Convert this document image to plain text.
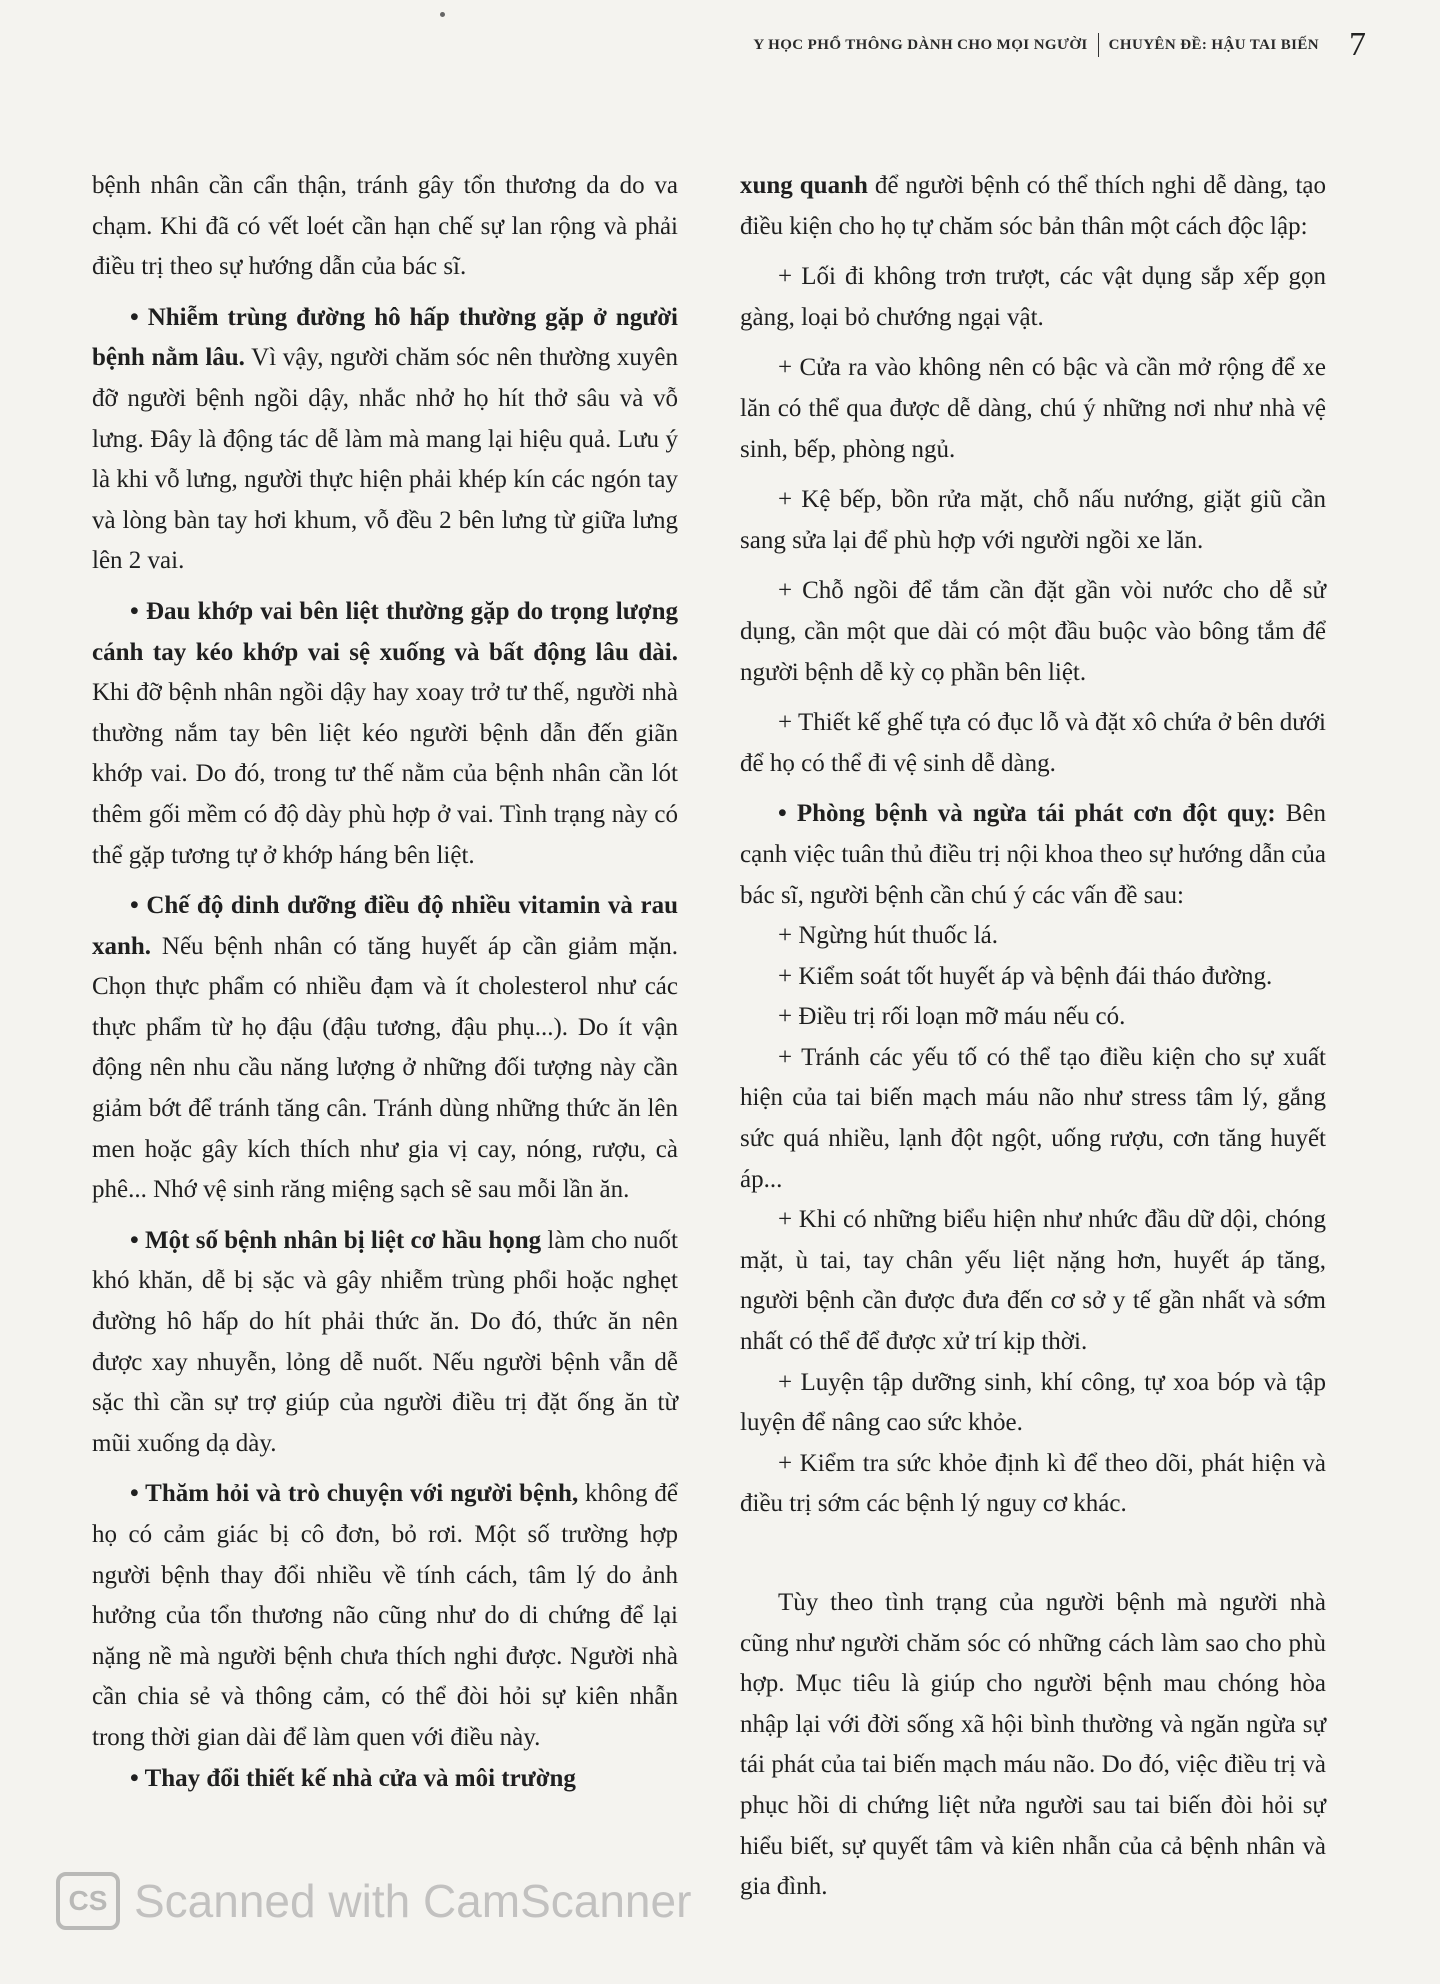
Y HỌC PHỔ THÔNG DÀNH CHO MỌI NGƯỜI CHUYÊN ĐỀ: HẬU TAI BIẾN 7

bệnh nhân cần cẩn thận, tránh gây tổn thương da do va chạm. Khi đã có vết loét cần hạn chế sự lan rộng và phải điều trị theo sự hướng dẫn của bác sĩ.

• Nhiễm trùng đường hô hấp thường gặp ở người bệnh nằm lâu. Vì vậy, người chăm sóc nên thường xuyên đỡ người bệnh ngồi dậy, nhắc nhở họ hít thở sâu và vỗ lưng. Đây là động tác dễ làm mà mang lại hiệu quả. Lưu ý là khi vỗ lưng, người thực hiện phải khép kín các ngón tay và lòng bàn tay hơi khum, vỗ đều 2 bên lưng từ giữa lưng lên 2 vai.

• Đau khớp vai bên liệt thường gặp do trọng lượng cánh tay kéo khớp vai sệ xuống và bất động lâu dài. Khi đỡ bệnh nhân ngồi dậy hay xoay trở tư thế, người nhà thường nắm tay bên liệt kéo người bệnh dẫn đến giãn khớp vai. Do đó, trong tư thế nằm của bệnh nhân cần lót thêm gối mềm có độ dày phù hợp ở vai. Tình trạng này có thể gặp tương tự ở khớp háng bên liệt.

• Chế độ dinh dưỡng điều độ nhiều vitamin và rau xanh. Nếu bệnh nhân có tăng huyết áp cần giảm mặn. Chọn thực phẩm có nhiều đạm và ít cholesterol như các thực phẩm từ họ đậu (đậu tương, đậu phụ...). Do ít vận động nên nhu cầu năng lượng ở những đối tượng này cần giảm bớt để tránh tăng cân. Tránh dùng những thức ăn lên men hoặc gây kích thích như gia vị cay, nóng, rượu, cà phê... Nhớ vệ sinh răng miệng sạch sẽ sau mỗi lần ăn.

• Một số bệnh nhân bị liệt cơ hầu họng làm cho nuốt khó khăn, dễ bị sặc và gây nhiễm trùng phổi hoặc nghẹt đường hô hấp do hít phải thức ăn. Do đó, thức ăn nên được xay nhuyễn, lỏng dễ nuốt. Nếu người bệnh vẫn dễ sặc thì cần sự trợ giúp của người điều trị đặt ống ăn từ mũi xuống dạ dày.

• Thăm hỏi và trò chuyện với người bệnh, không để họ có cảm giác bị cô đơn, bỏ rơi. Một số trường hợp người bệnh thay đổi nhiều về tính cách, tâm lý do ảnh hưởng của tổn thương não cũng như do di chứng để lại nặng nề mà người bệnh chưa thích nghi được. Người nhà cần chia sẻ và thông cảm, có thể đòi hỏi sự kiên nhẫn trong thời gian dài để làm quen với điều này.

• Thay đổi thiết kế nhà cửa và môi trường

xung quanh để người bệnh có thể thích nghi dễ dàng, tạo điều kiện cho họ tự chăm sóc bản thân một cách độc lập:

+ Lối đi không trơn trượt, các vật dụng sắp xếp gọn gàng, loại bỏ chướng ngại vật.

+ Cửa ra vào không nên có bậc và cần mở rộng để xe lăn có thể qua được dễ dàng, chú ý những nơi như nhà vệ sinh, bếp, phòng ngủ.

+ Kệ bếp, bồn rửa mặt, chỗ nấu nướng, giặt giũ cần sang sửa lại để phù hợp với người ngồi xe lăn.

+ Chỗ ngồi để tắm cần đặt gần vòi nước cho dễ sử dụng, cần một que dài có một đầu buộc vào bông tắm để người bệnh dễ kỳ cọ phần bên liệt.

+ Thiết kế ghế tựa có đục lỗ và đặt xô chứa ở bên dưới để họ có thể đi vệ sinh dễ dàng.

• Phòng bệnh và ngừa tái phát cơn đột quỵ: Bên cạnh việc tuân thủ điều trị nội khoa theo sự hướng dẫn của bác sĩ, người bệnh cần chú ý các vấn đề sau:

+ Ngừng hút thuốc lá.

+ Kiểm soát tốt huyết áp và bệnh đái tháo đường.

+ Điều trị rối loạn mỡ máu nếu có.

+ Tránh các yếu tố có thể tạo điều kiện cho sự xuất hiện của tai biến mạch máu não như stress tâm lý, gắng sức quá nhiều, lạnh đột ngột, uống rượu, cơn tăng huyết áp...

+ Khi có những biểu hiện như nhức đầu dữ dội, chóng mặt, ù tai, tay chân yếu liệt nặng hơn, huyết áp tăng, người bệnh cần được đưa đến cơ sở y tế gần nhất và sớm nhất có thể để được xử trí kịp thời.

+ Luyện tập dưỡng sinh, khí công, tự xoa bóp và tập luyện để nâng cao sức khỏe.

+ Kiểm tra sức khỏe định kì để theo dõi, phát hiện và điều trị sớm các bệnh lý nguy cơ khác.

Tùy theo tình trạng của người bệnh mà người nhà cũng như người chăm sóc có những cách làm sao cho phù hợp. Mục tiêu là giúp cho người bệnh mau chóng hòa nhập lại với đời sống xã hội bình thường và ngăn ngừa sự tái phát của tai biến mạch máu não. Do đó, việc điều trị và phục hồi di chứng liệt nửa người sau tai biến đòi hỏi sự hiểu biết, sự quyết tâm và kiên nhẫn của cả bệnh nhân và gia đình.

CS Scanned with CamScanner
